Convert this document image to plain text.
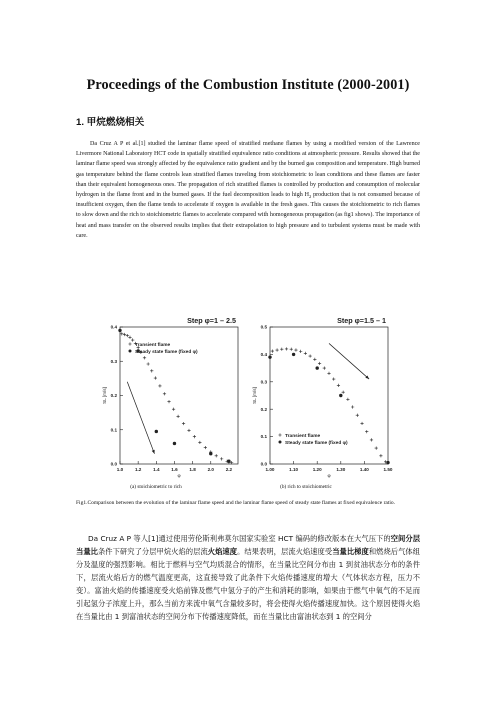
Proceedings of the Combustion Institute (2000-2001)
1. 甲烷燃烧相关
Da Cruz A P et al.[1] studied the laminar flame speed of stratified methane flames by using a modified version of the Lawrence Livermore National Laboratory HCT code in spatially stratified equivalence ratio conditions at atmospheric pressure. Results showed that the laminar flame speed was strongly affected by the equivalence ratio gradient and by the burned gas composition and temperature. High burned gas temperature behind the flame controls lean stratified flames traveling from stoichiometric to lean conditions and these flames are faster than their equivalent homogeneous ones. The propagation of rich stratified flames is controlled by production and consumption of molecular hydrogen in the flame front and in the burned gases. If the fuel decomposition leads to high $H_2$ production that is not consumed because of insufficient oxygen, then the flame tends to accelerate if oxygen is available in the fresh gases. This causes the stoichiometric to rich flames to slow down and the rich to stoichiometric flames to accelerate compared with homogeneous propagation (as fig1 shows). The importance of heat and mass transfer on the observed results implies that their extrapolation to high pressure and to turbulent systems must be made with care.
Step φ=1 – 2.5
1.0	1.2	1.4	1.6	1.8	2.0	2.2
0.0
0.1
0.2
0.3
0.4
φ
SL [m/s]
Transient flame
Steady state flame (fixed φ)
Step φ=1.5 – 1
1.00	1.10	1.20	1.30	1.40	1.50
0.0
0.1
0.2
0.3
0.4
0.5
φ
SL [m/s]
Transient flame
Steady state flame (fixed φ)
(a) stoichiometric to rich	(b) rich to stoichiometric
Fig1.Comparison between the evolution of the laminar flame speed and the laminar flame speed of steady state flames at fixed equivalence ratio.
Da Cruz A P 等人[1]通过使用劳伦斯利弗莫尔国家实验室 HCT 编码的修改版本在大气压下的空间分层当量比条件下研究了分层甲烷火焰的层流火焰速度。结果表明，层流火焰速度受当量比梯度和燃烧后气体组分及温度的强烈影响。相比于燃料与空气均质混合的情形，在当量比空间分布由 1 到贫油状态分布的条件下，层流火焰后方的燃气温度更高，这直接导致了此条件下火焰传播速度的增大（气体状态方程，压力不变）。富油火焰的传播速度受火焰前锋及燃气中氢分子的产生和消耗的影响，如果由于燃气中氧气的不足而引起氢分子浓度上升，那么当前方来流中氧气含量较多时，将会使得火焰传播速度加快。这个原因使得火焰在当量比由 1 到富油状态的空间分布下传播速度降低，而在当量比由富油状态到 1 的空间分
